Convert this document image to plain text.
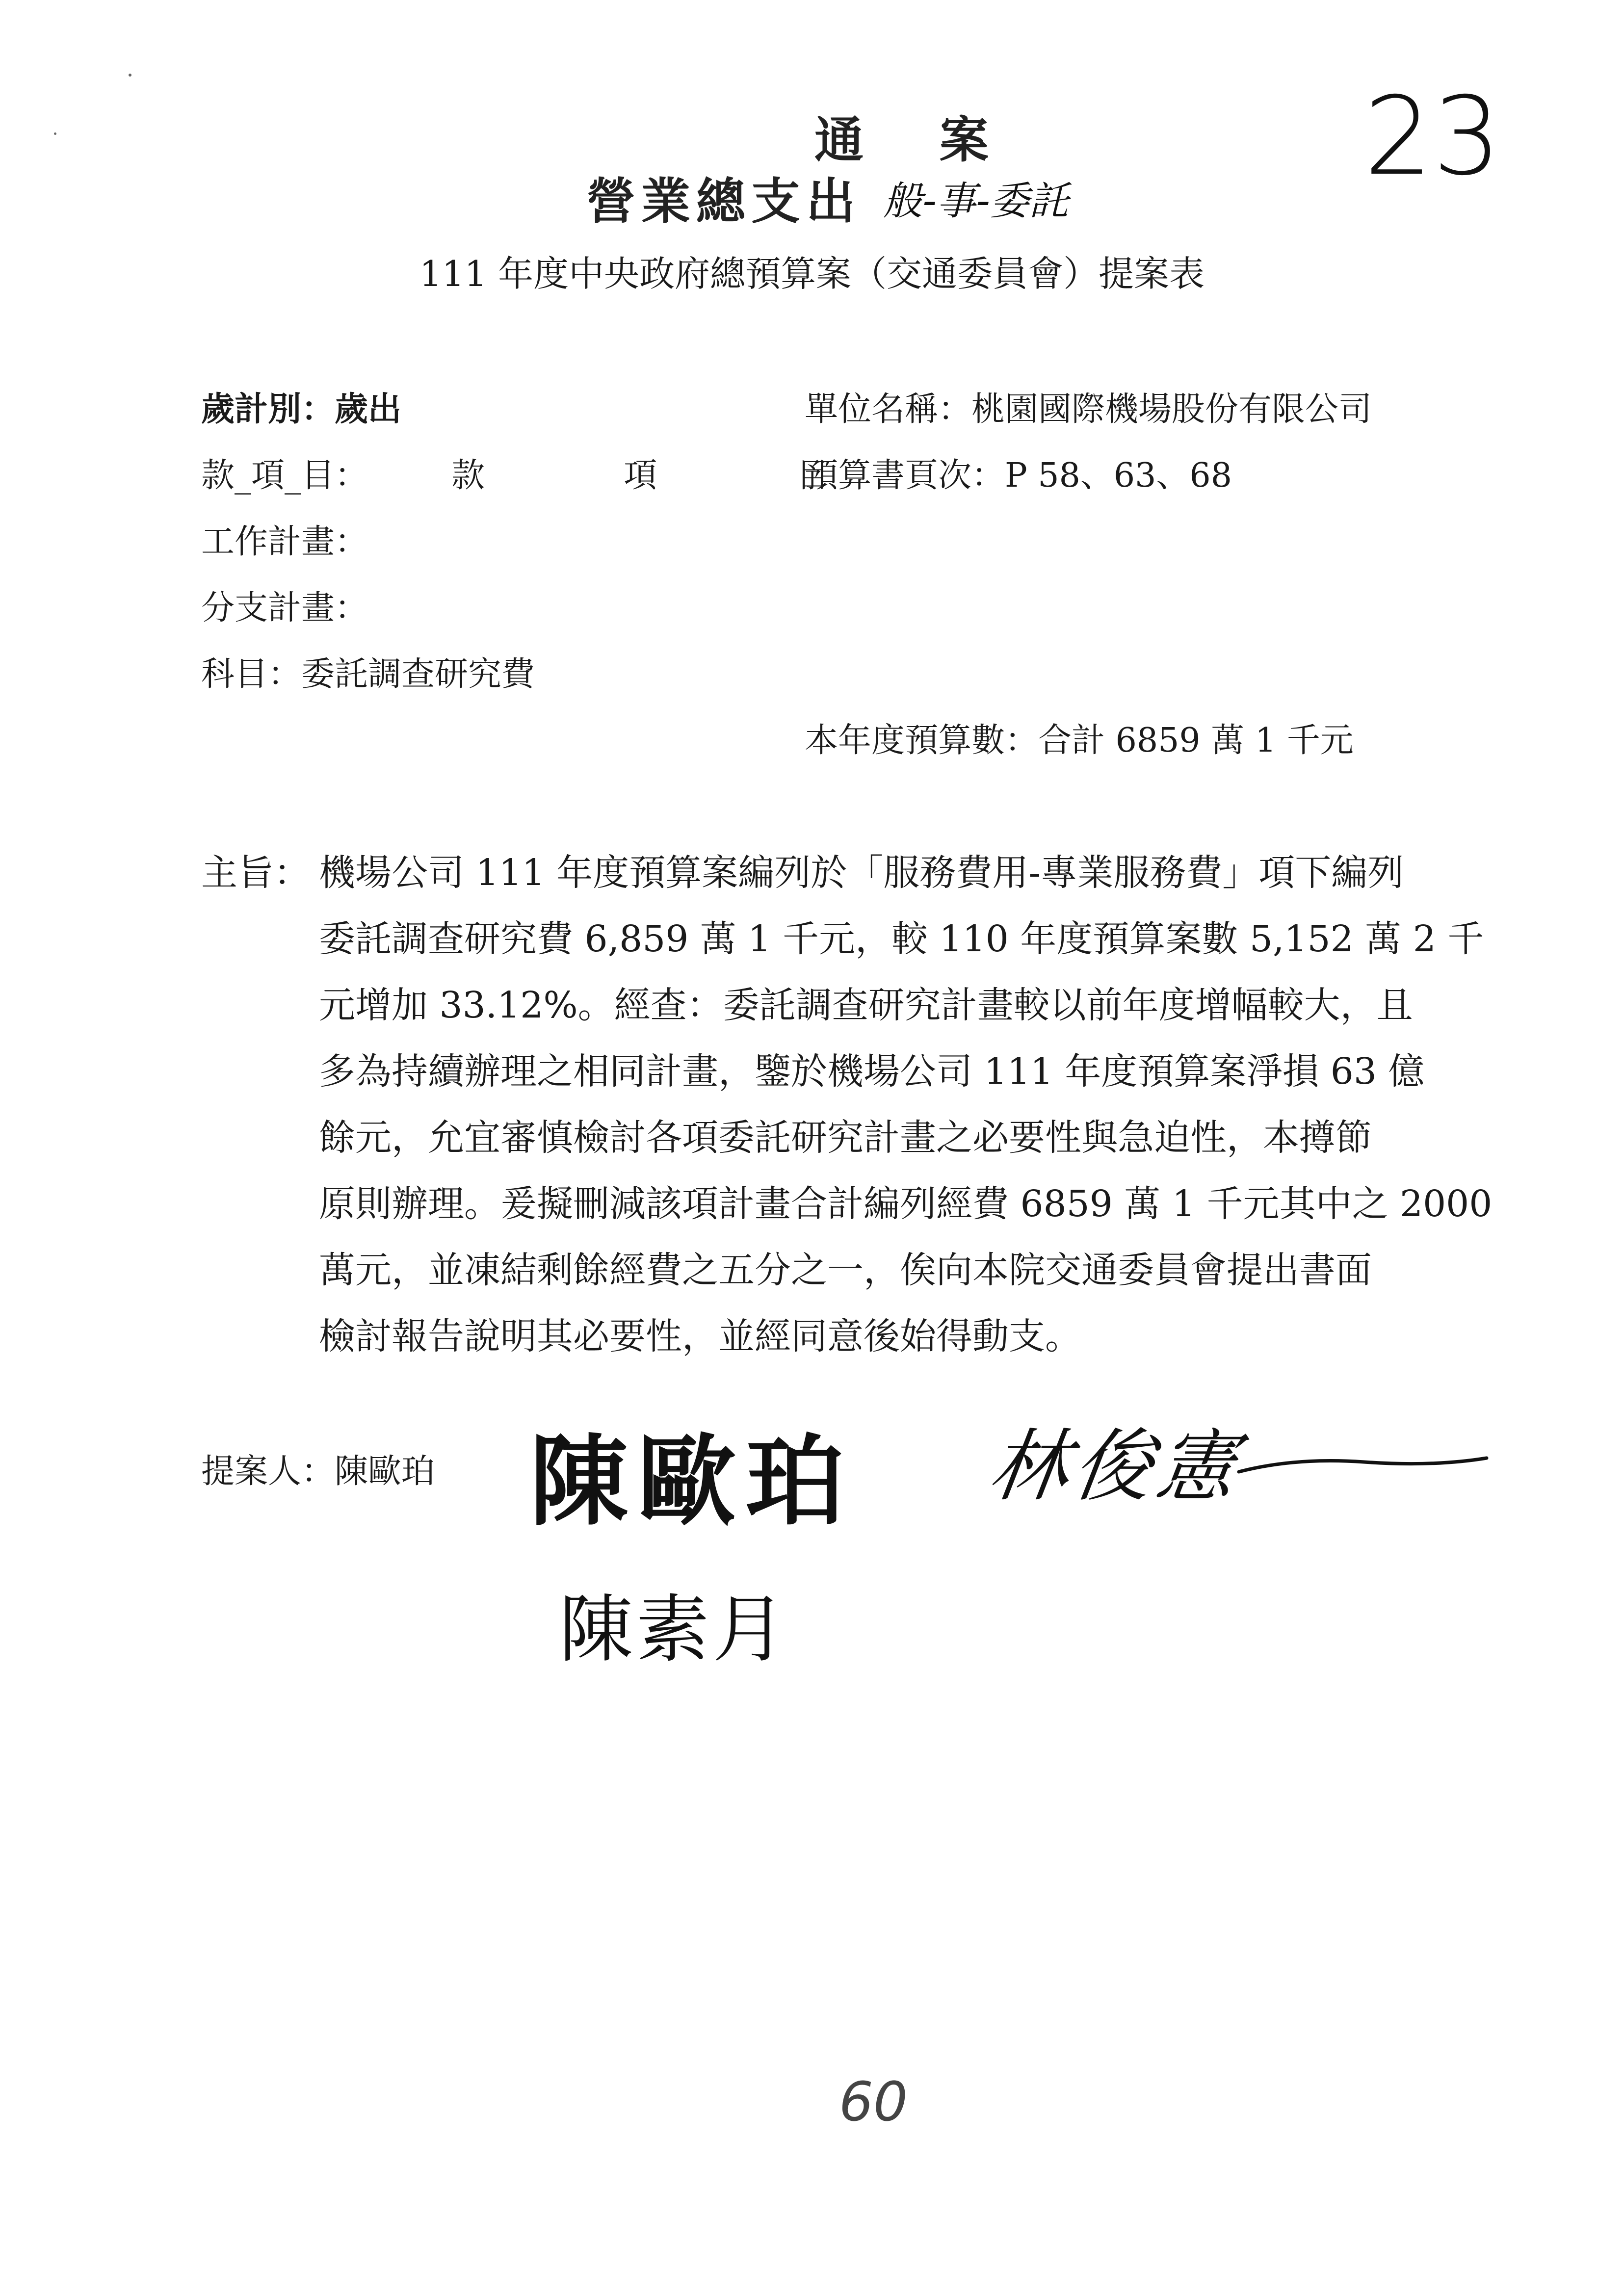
通 案
營業總支出 般-事-委託
23
111 年度中央政府總預算案（交通委員會）提案表
歲計別：歲出	單位名稱：桃園國際機場股份有限公司
款_項_目： 款  項  目
預算書頁次：P 58、63、68
工作計畫：
分支計畫：
科目：委託調查研究費
本年度預算數：合計 6859 萬 1 千元
主旨： 機場公司 111 年度預算案編列於「服務費用-專業服務費」項下編列
委託調查研究費 6,859 萬 1 千元，較 110 年度預算案數 5,152 萬 2 千
元增加 33.12%。經查：委託調查研究計畫較以前年度增幅較大，且
多為持續辦理之相同計畫，鑒於機場公司 111 年度預算案淨損 63 億
餘元，允宜審慎檢討各項委託研究計畫之必要性與急迫性，本撙節
原則辦理。爰擬刪減該項計畫合計編列經費 6859 萬 1 千元其中之 2000
萬元，並凍結剩餘經費之五分之一，俟向本院交通委員會提出書面
檢討報告說明其必要性，並經同意後始得動支。
提案人：陳歐珀 陳歐珀 林俊憲
陳素月
60
